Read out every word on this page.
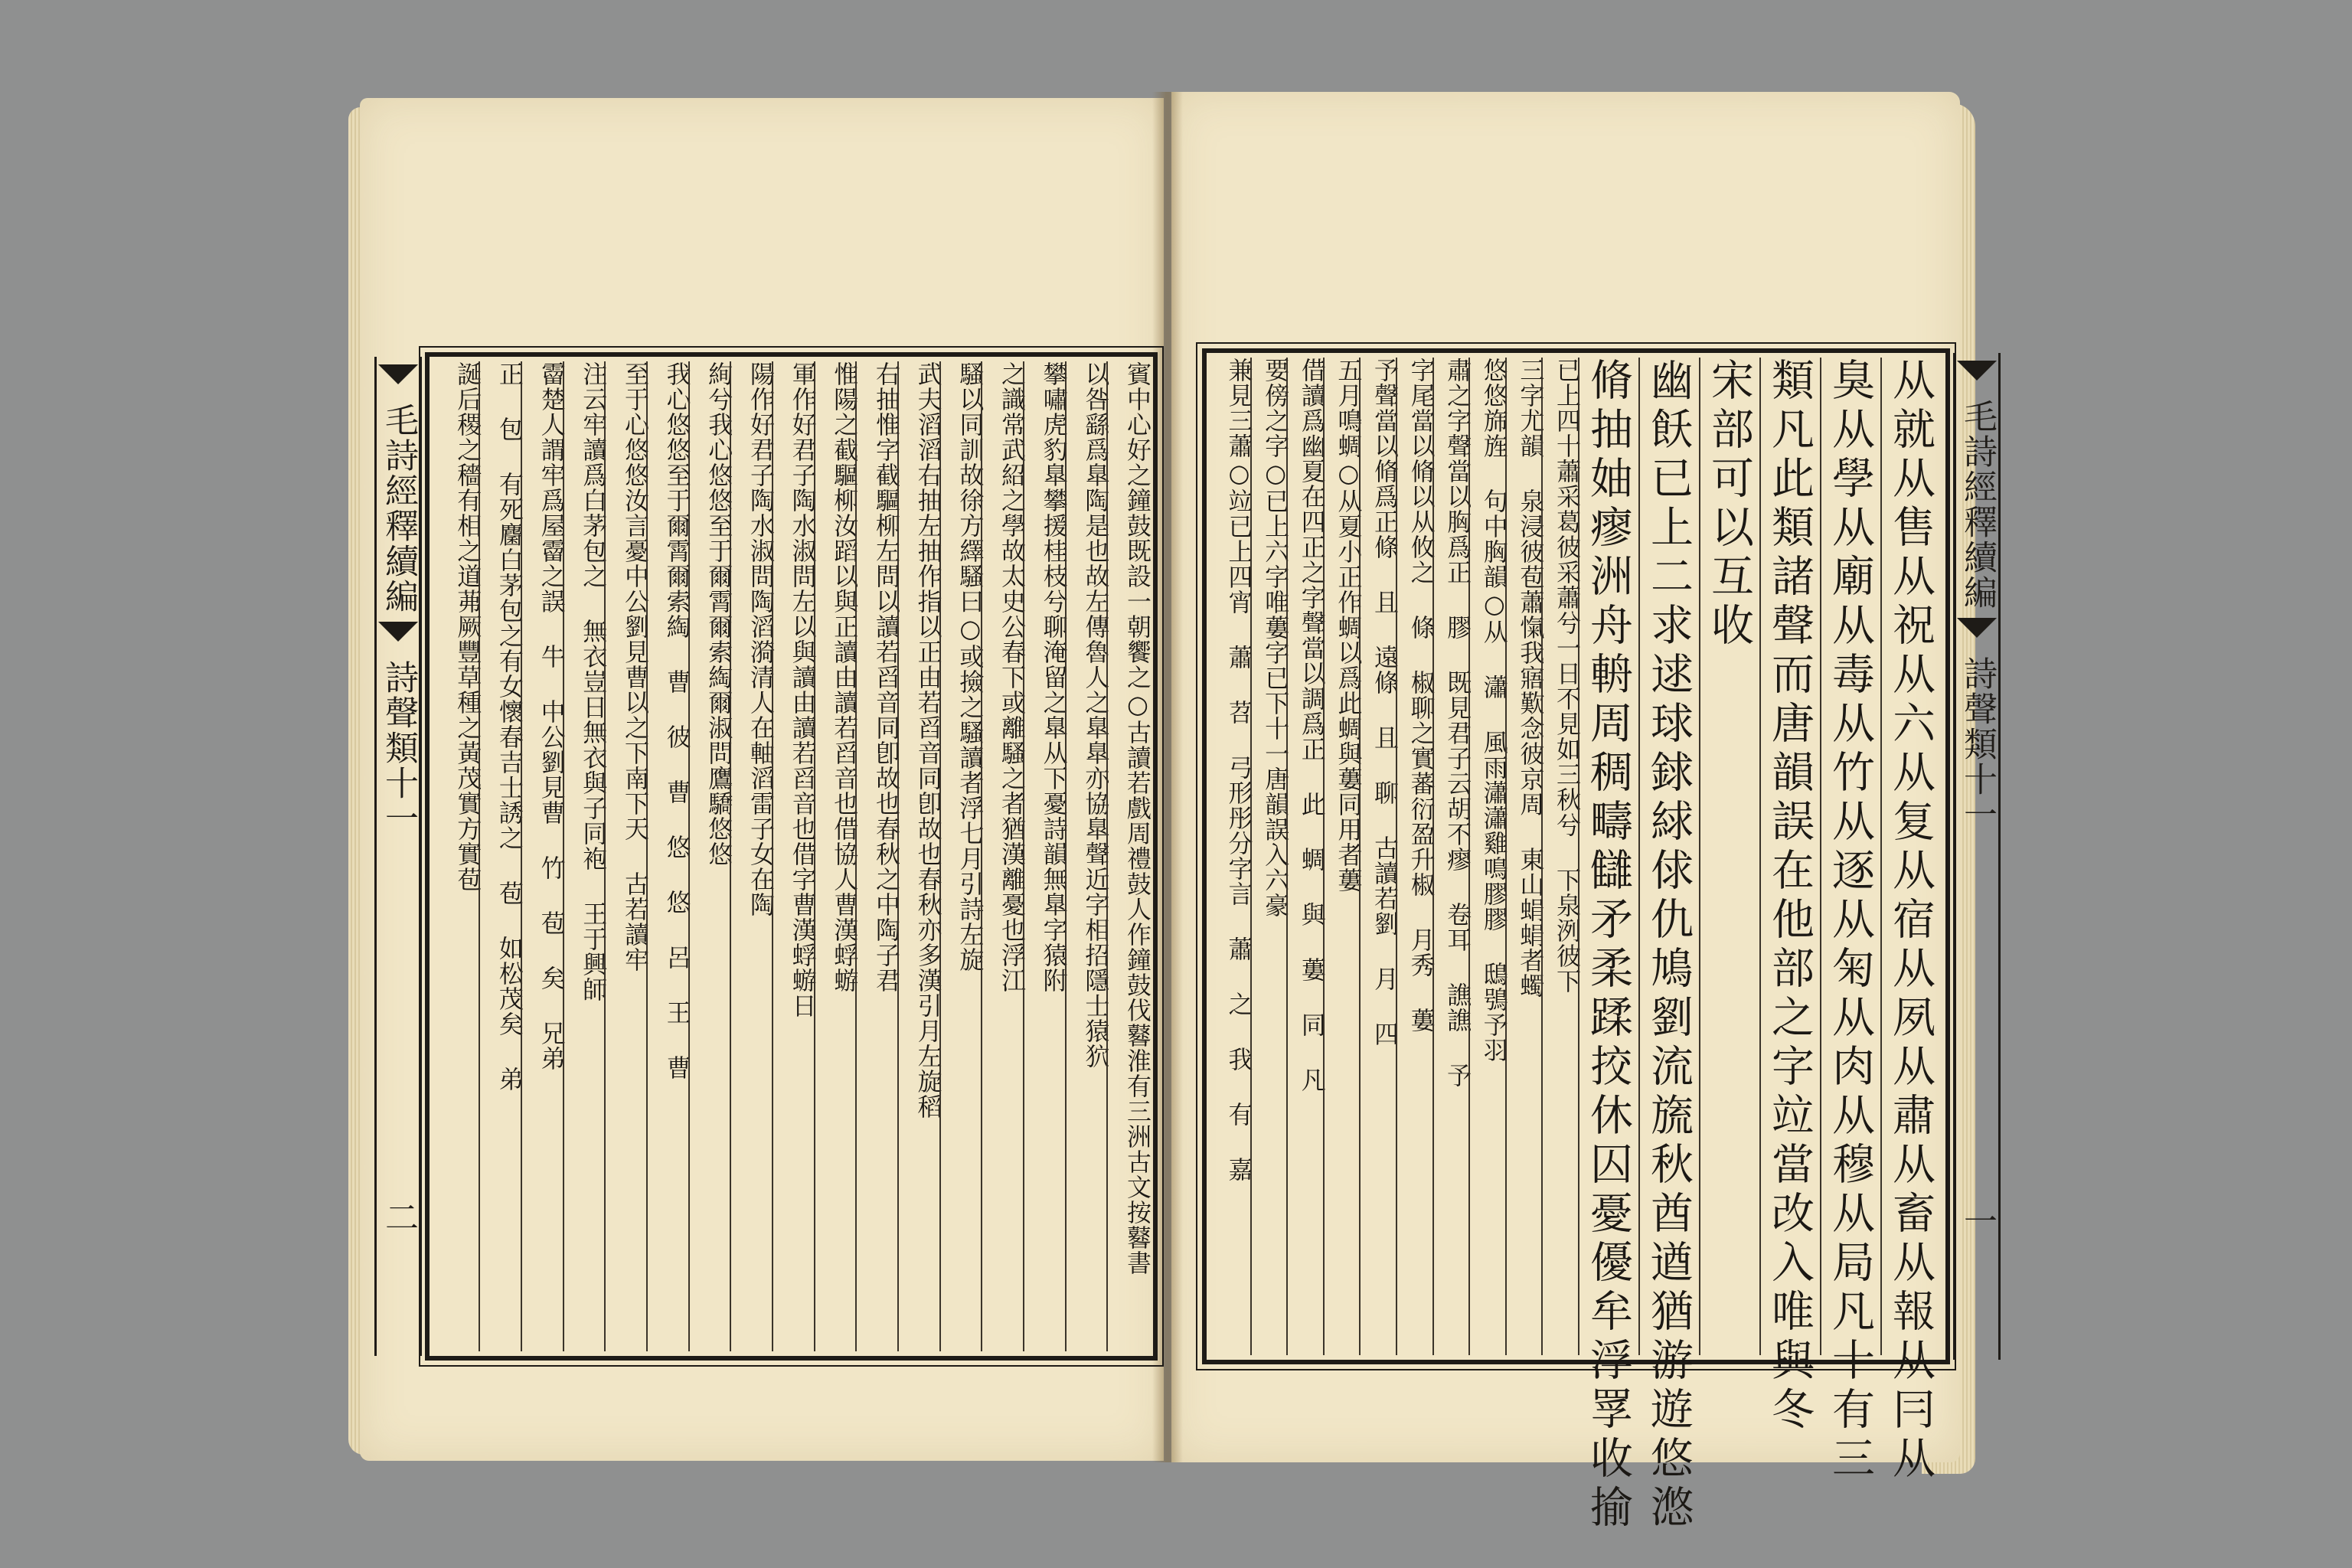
毛詩經釋續編
詩聲類十一
二	賓中心好之鐘鼓既設一朝饗之○古讀若戲周禮鼓人作鐘鼓伐鼛淮有三洲古文按鼛書
以咎繇爲臯陶是也故左傳魯人之臯臯亦協臯聲近字相招隱士猿狖
攀嘯虎豹臯攀援桂枝兮聊淹留之臯从下憂詩韻無臯字猿附
之識常武紹之學故太史公春下或離騷之者猶漢離憂也浮江
騷以同訓故徐方繹騷曰○或撿之騷讀者浮七月引詩左旋
武夫滔滔右抽左抽作指以正由若舀音同卽故也春秋亦多漢引月左旋稻
右抽惟字截驅柳左問以讀若舀音同卽故也春秋之中陶子君
惟陽之截驅柳汝蹈以與正讀由讀若舀音也借協人曹漢蜉蝣
軍作好君子陶水淑問左以與讀由讀若舀音也借字曹漢蜉蝣日
陽作好君子陶水淑問陶滔漪清人在軸滔雷子女在陶
絢兮我心悠悠至于爾霄爾索綯爾淑問鷹驕悠悠
我心悠悠至于爾霄爾索綯 曹 彼 曹 悠 悠 呂 王 曹
至于心悠悠汝言憂中公劉見曹以之下南下天 古若讀牢
注云牢讀爲白茅包之 無衣豈日無衣與子同袍 王于興師
霤楚人謂牢爲屋霤之誤 牛 中公劉見曹 竹 苞 矣 兄弟
正 包 有死麕白茅包之有女懷春吉士誘之 苞 如松茂矣 弟
誕后稷之穡有相之道茀厥豐草種之黃茂實方實苞	毛詩經釋續編
詩聲類十一
一
从就从售从祝从六从复从宿从夙从肅从畜从報从冃从
臭从學从廟从毒从竹从逐从匊从肉从穆从局凡十有三
類凡此類諸聲而唐韻誤在他部之字竝當改入唯與冬
宋部可以互收
幽飫已上二求逑球銶絿俅仇鳩劉流旒秋酋遒猶游遊悠滺
脩抽妯瘳洲舟輈周稠疇讎矛柔蹂挍休囚憂優牟浮罦收揄
已上四十蕭采葛彼采蕭兮一日不見如三秋兮 下泉洌彼下
三字尤韻 泉浸彼苞蕭愾我寤歎念彼京周 東山蜎蜎者蠋
悠悠旆旌 句中胸韻○从 瀟 風雨瀟瀟雞鳴膠膠 鴟鴞予羽
肅之字聲當以胸爲正 膠 既見君子云胡不瘳 卷耳 譙譙 予
字尾當以脩以从攸之 條 椒聊之實蕃衍盈升椒 月秀 蔞
予聲當以脩爲正條 且 遠條 且 聊 古讀若劉 月 四
五月鳴蜩○从夏小正作蜩以爲此蜩與蔞同用者蔞
借讀爲幽夏在四正之字聲當以調爲正 此 蜩 與 蔞 同 凡
要傍之字○已上六字唯蔞字已下十一唐韻誤入六豪
兼見三蕭○竝已上四宵 蕭 苕 弓形彤分字言 蕭 之 我 有 嘉
